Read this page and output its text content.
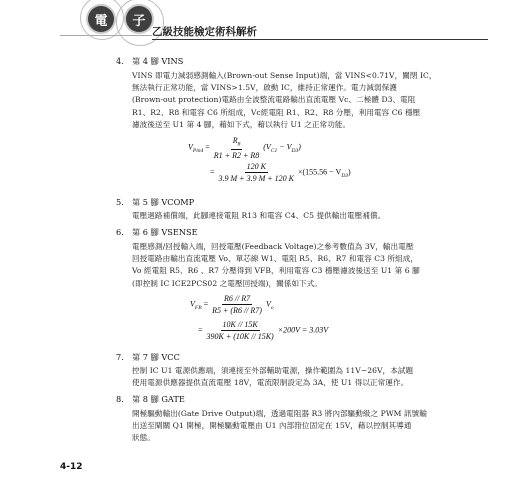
電	子
乙級技能檢定術科解析
4. 第 4 腳 VINS
VINS 即電力減弱感測輸入(Brown-out Sense Input)端，當 VINS<0.71V，關閉 IC，
無法執行正常功能，當 VINS>1.5V，啟動 IC，維持正常運作。電力減弱保護
(Brown-out protection)電路由全波整流電路輸出直流電壓 Vc、二極體 D3、電阻
R1、R2、R8 和電容 C6 所組成，Vc經電阻 R1、R2、R8 分壓，利用電容 C6 穩壓
濾波後送至 U1 第 4 腳，藉如下式，藉以執行 U1 之正常功能。
$V_{Pin4} = \frac{R_8}{R1 + R2 + R8} (V_{C1} - V_{D3})$
= $\frac{120 K}{3.9 M + 3.9 M + 120 K} \times(155.56 - V_{D3})$
5. 第 5 腳 VCOMP
電壓迴路補償端，此腳連接電阻 R13 和電容 C4、C5 提供輸出電壓補償。
6. 第 6 腳 VSENSE
電壓感測/回授輸入端，回授電壓(Feedback Voltage)之參考數值為 3V，輸出電壓
回授電路由輸出直流電壓 Vo、單芯線 W1、電阻 R5、R6、R7 和電容 C3 所組成，
Vo 經電阻 R5、R6 、R7 分壓得到 VFB，利用電容 C3 穩壓濾波後送至 U1 第 6 腳
(即控制 IC ICE2PCS02 之電壓回授端)，關係如下式。
$V_{FB} = \frac{R6 // R7}{R5 + (R6 // R7)} V_o$
= $\frac{10K // 15K}{390K + (10K // 15K)} \times 200V = 3.03V$
7. 第 7 腳 VCC
控制 IC U1 電源供應端，須連接至外部輔助電源，操作範圍為 11V~26V，本試題
使用電源供應器提供直流電壓 18V，電流限制設定為 3A，使 U1 得以正常運作。
8. 第 8 腳 GATE
開極驅動輸出(Gate Drive Output)端，透過電阻器 R3 將內部驅動級之 PWM 訊號輸
出送至閘關 Q1 開極，開極驅動電壓由 U1 內部箝位固定在 15V，藉以控制其導通
狀態。
4-12
